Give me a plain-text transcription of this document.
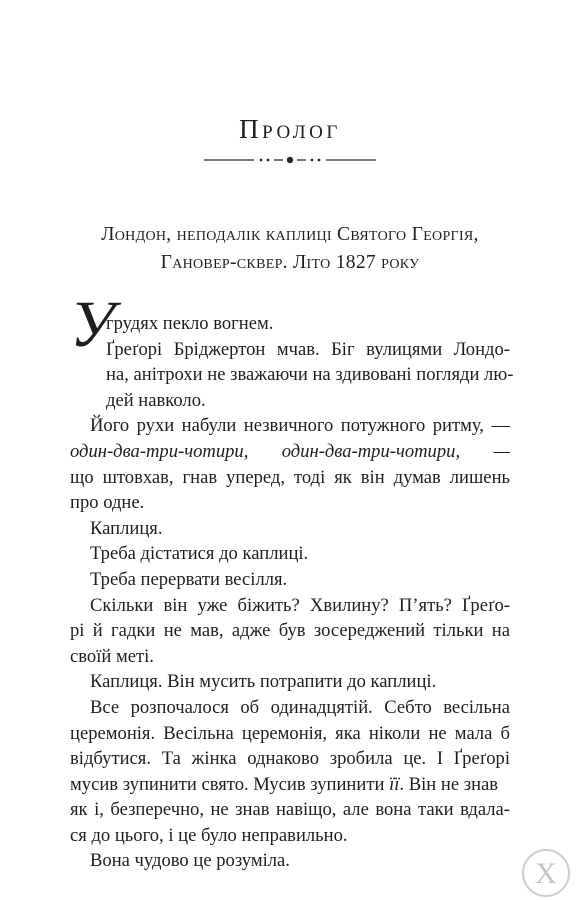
Пролог
Лондон, неподалік каплиці Святого Георгія,
Гановер-сквер. Літо 1827 року
У
грудях пекло вогнем.
Ґреґорі Бріджертон мчав. Біг вулицями Лондо-
на, анітрохи не зважаючи на здивовані погляди лю-
дей навколо.
Його рухи набули незвичного потужного ритму, —
один-два-три-чотири, один-два-три-чотири, —
що штовхав, гнав уперед, тоді як він думав лишень
про одне.
Каплиця.
Треба дістатися до каплиці.
Треба перервати весілля.
Скільки він уже біжить? Хвилину? П’ять? Ґреґо-
рі й гадки не мав, адже був зосереджений тільки на
своїй меті.
Каплиця. Він мусить потрапити до каплиці.
Все розпочалося об одинадцятій. Себто весільна
церемонія. Весільна церемонія, яка ніколи не мала б
відбутися. Та жінка однаково зробила це. І Ґреґорі
мусив зупинити свято. Мусив зупинити її. Він не знав
як і, безперечно, не знав навіщо, але вона таки вдала-
ся до цього, і це було неправильно.
Вона чудово це розуміла.	Х
